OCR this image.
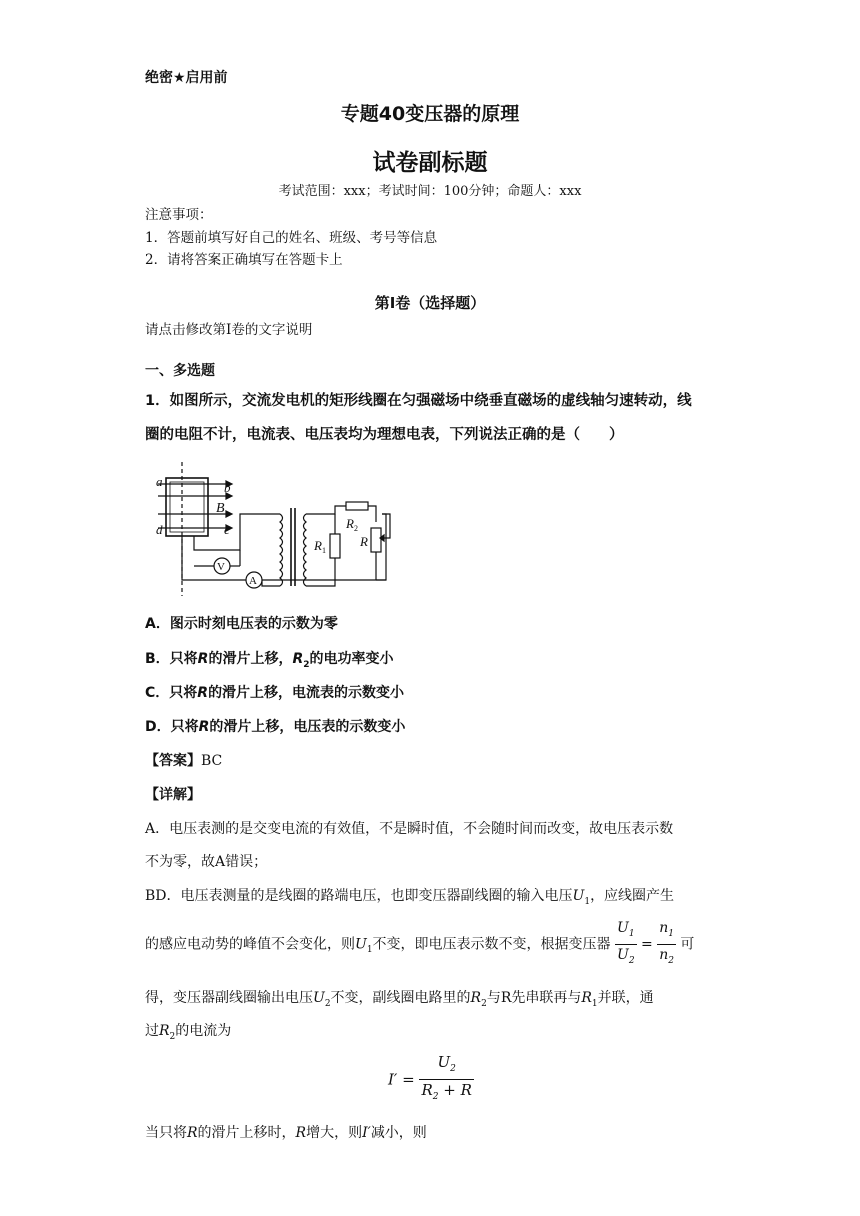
绝密★启用前
专题40变压器的原理
试卷副标题
考试范围：xxx；考试时间：100分钟；命题人：xxx
注意事项：
1．答题前填写好自己的姓名、班级、考号等信息
2．请将答案正确填写在答题卡上
第I卷（选择题）
请点击修改第I卷的文字说明
一、多选题
1．如图所示，交流发电机的矩形线圈在匀强磁场中绕垂直磁场的虚线轴匀速转动，线
圈的电阻不计，电流表、电压表均为理想电表，下列说法正确的是（　　）
a	b
B
c
d
V
A
$R_1$
$R_2$
R
A．图示时刻电压表的示数为零
B．只将R的滑片上移，$R_2$的电功率变小
C．只将R的滑片上移，电流表的示数变小
D．只将R的滑片上移，电压表的示数变小
【答案】BC
【详解】
A．电压表测的是交变电流的有效值，不是瞬时值，不会随时间而改变，故电压表示数
不为零，故A错误；
BD．电压表测量的是线圈的路端电压，也即变压器副线圈的输入电压$U_1$，应线圈产生
的感应电动势的峰值不会变化，则$U_1$不变，即电压表示数不变，根据变压器 $\frac{U_1}{U_2} = \frac{n_1}{n_2}$ 可
得，变压器副线圈输出电压$U_2$不变，副线圈电路里的$R_2$与R先串联再与$R_1$并联，通
过$R_2$的电流为
$I' = \frac{U_2}{R_2 + R}$
当只将R的滑片上移时，R增大，则I′减小，则
